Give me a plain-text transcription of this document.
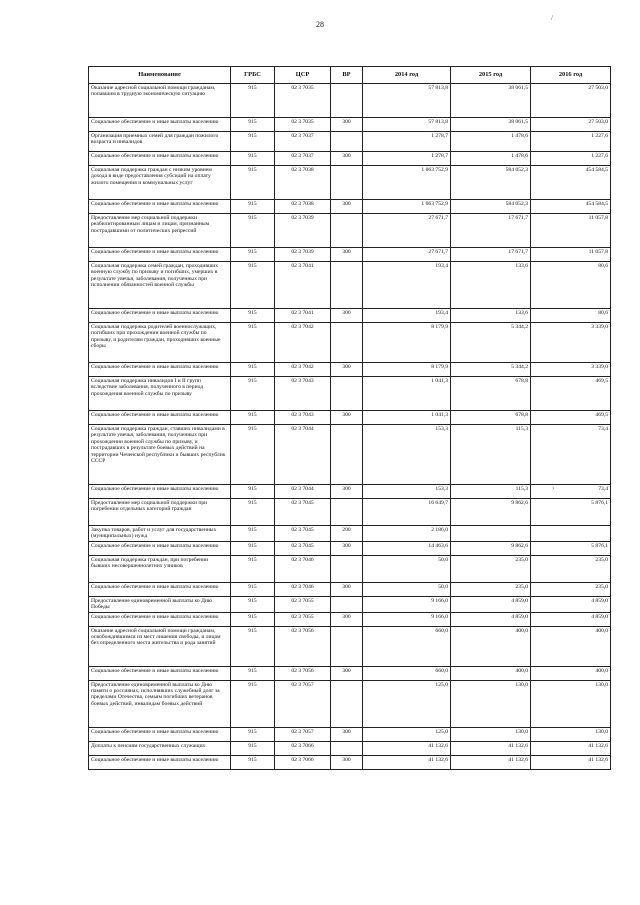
28
/
›
Наименование	ГРБС	ЦСР	ВР	2014 год	2015 год	2016 год
Оказание адресной социальной помощи гражданам, попавшим в трудную экономическую ситуацию	915	02 3 7035		57 813,8	38 061,5	27 503,0
Социальное обеспечение и иные выплаты населению	915	02 3 7035	300	57 813,8	38 061,5	27 503,0
Организация приемных семей для граждан пожилого возраста и инвалидов	915	02 3 7037		1 278,7	1 478,6	1 227,6
Социальное обеспечение и иные выплаты населению	915	02 3 7037	300	1 278,7	1 478,6	1 227,6
Социальная поддержка граждан с низким уровнем дохода в виде предоставления субсидий на оплату жилого помещения и коммунальных услуг	915	02 3 7038		1 063 752,9	584 052,3	454 584,5
Социальное обеспечение и иные выплаты населению	915	02 3 7038	300	1 063 752,9	584 052,3	454 584,5
Предоставление мер социальной поддержки реабилитированным лицам и лицам, признанным пострадавшими от политических репрессий	915	02 3 7039		27 671,7	17 671,7	11 057,8
Социальное обеспечение и иные выплаты населению	915	02 3 7039	300	27 671,7	17 671,7	11 057,8
Социальная поддержка семей граждан, проходивших военную службу по призыву и погибших, умерших в результате увечья, заболевания, полученных при исполнении обязанностей военной службы	915	02 3 7041		193,4	133,6	80,6
Социальное обеспечение и иные выплаты населению	915	02 3 7041	300	193,4	133,6	80,6
Социальная поддержка родителей военнослужащих, погибших при прохождении военной службы по призыву, и родителям граждан, проходивших военные сборы	915	02 3 7042		8 179,9	5 344,2	3 339,0
Социальное обеспечение и иные выплаты населению	915	02 3 7042	300	8 179,9	5 344,2	3 339,0
Социальная поддержка инвалидов I и II групп вследствие заболевания, полученного в период прохождения военной службы по призыву	915	02 3 7043		1 041,3	678,8	469,5
Социальное обеспечение и иные выплаты населению	915	02 3 7043	300	1 041,3	678,8	469,5
Социальная поддержка граждан, ставших инвалидами в результате увечья, заболевания, полученных при прохождении военной службы по призыву, и пострадавших в результате боевых действий на территории Чеченской республики и бывших республик СССР	915	02 3 7044		153,3	115,3	73,4
Социальное обеспечение и иные выплаты населению	915	02 3 7044	300	153,3	115,3	73,4
Предоставление мер социальной поддержки при погребении отдельных категорий граждан	915	02 3 7045		16 649,7	9 862,6	5 876,1
Закупка товаров, работ и услуг для государственных (муниципальных) нужд	915	02 3 7045	200	2 186,0		
Социальное обеспечение и иные выплаты населению	915	02 3 7045	300	14 463,6	9 862,6	5 876,1
Социальная поддержка граждан, при погребении бывших несовершеннолетних узников	915	02 3 7046		50,0	235,0	235,0
Социальное обеспечение и иные выплаты населению	915	02 3 7046	300	50,0	235,0	235,0
Предоставление единовременной выплаты ко Дню Победы	915	02 3 7055		9 166,0	4 859,0	4 859,0
Социальное обеспечение и иные выплаты населению	915	02 3 7055	300	9 166,0	4 859,0	4 859,0
Оказание адресной социальной помощи гражданам, освобождившимся из мест лишения свободы, и лицам без определенного места жительства и рода занятий	915	02 3 7056		660,0	400,0	400,0
Социальное обеспечение и иные выплаты населению	915	02 3 7056	300	660,0	400,0	400,0
Предоставление единовременной выплаты ко Дню памяти о россиянах, исполнявших служебный долг за пределами Отечества, семьям погибших ветеранов боевых действий, инвалидам боевых действий	915	02 3 7057		125,0	130,0	130,0
Социальное обеспечение и иные выплаты населению	915	02 3 7057	300	125,0	130,0	130,0
Доплаты к пенсиям государственных служащих	915	02 3 7066		41 132,6	41 132,6	41 132,6
Социальное обеспечение и иные выплаты населению	915	02 3 7066	300	41 132,6	41 132,6	41 132,6
